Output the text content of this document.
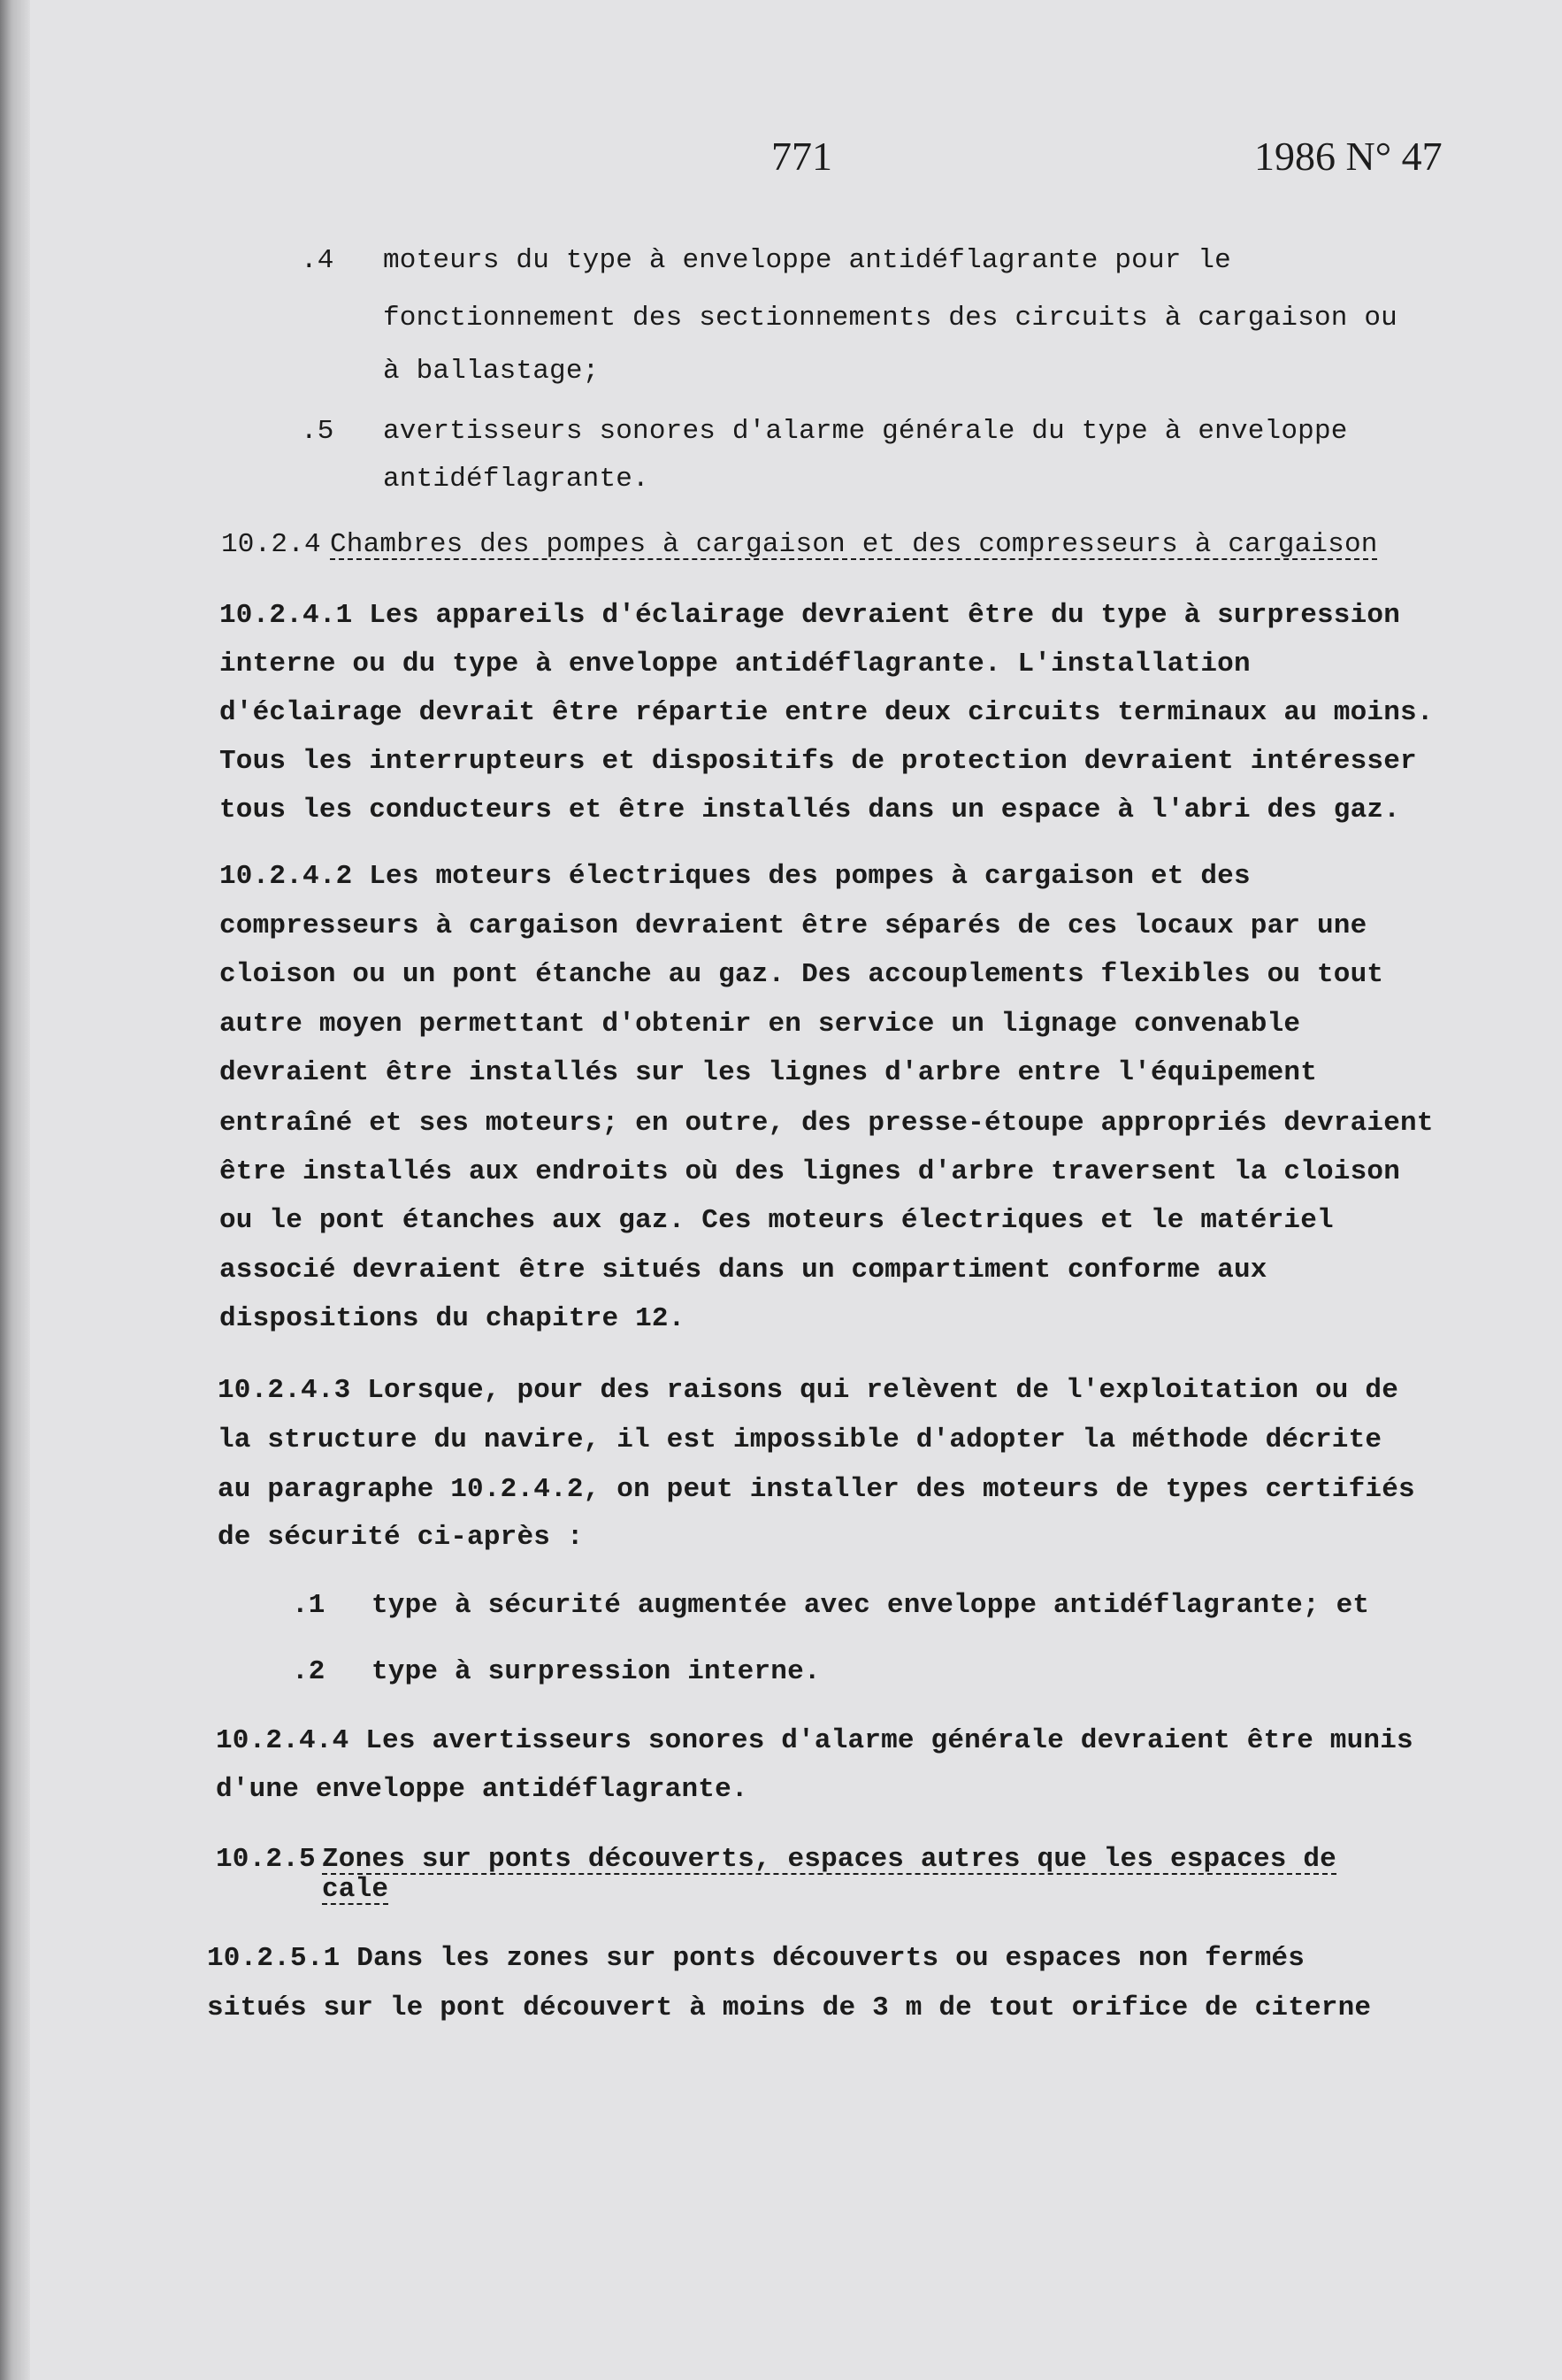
771	1986 N° 47
.4 moteurs du type à enveloppe antidéflagrante pour le
fonctionnement des sectionnements des circuits à cargaison ou
à ballastage;
.5 avertisseurs sonores d'alarme générale du type à enveloppe
antidéflagrante.
10.2.4 Chambres des pompes à cargaison et des compresseurs à cargaison
10.2.4.1 Les appareils d'éclairage devraient être du type à surpression
interne ou du type à enveloppe antidéflagrante. L'installation
d'éclairage devrait être répartie entre deux circuits terminaux au moins.
Tous les interrupteurs et dispositifs de protection devraient intéresser
tous les conducteurs et être installés dans un espace à l'abri des gaz.
10.2.4.2 Les moteurs électriques des pompes à cargaison et des
compresseurs à cargaison devraient être séparés de ces locaux par une
cloison ou un pont étanche au gaz. Des accouplements flexibles ou tout
autre moyen permettant d'obtenir en service un lignage convenable
devraient être installés sur les lignes d'arbre entre l'équipement
entraîné et ses moteurs; en outre, des presse-étoupe appropriés devraient
être installés aux endroits où des lignes d'arbre traversent la cloison
ou le pont étanches aux gaz. Ces moteurs électriques et le matériel
associé devraient être situés dans un compartiment conforme aux
dispositions du chapitre 12.
10.2.4.3 Lorsque, pour des raisons qui relèvent de l'exploitation ou de
la structure du navire, il est impossible d'adopter la méthode décrite
au paragraphe 10.2.4.2, on peut installer des moteurs de types certifiés
de sécurité ci-après :
.1 type à sécurité augmentée avec enveloppe antidéflagrante; et
.2 type à surpression interne.
10.2.4.4 Les avertisseurs sonores d'alarme générale devraient être munis
d'une enveloppe antidéflagrante.
10.2.5 Zones sur ponts découverts, espaces autres que les espaces de
cale
10.2.5.1 Dans les zones sur ponts découverts ou espaces non fermés
situés sur le pont découvert à moins de 3 m de tout orifice de citerne
